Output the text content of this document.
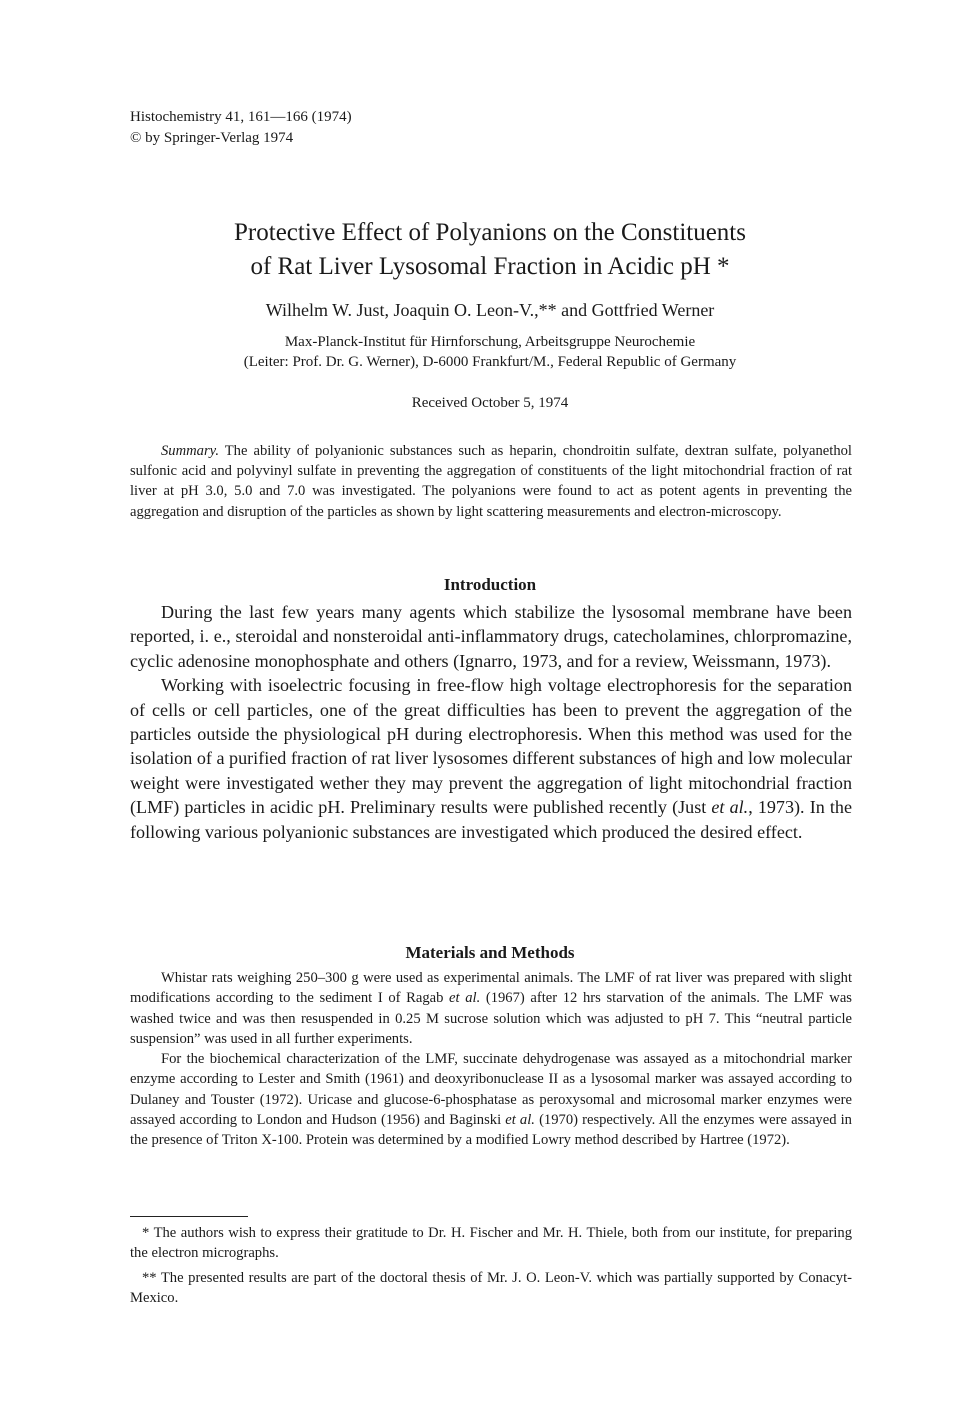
Histochemistry 41, 161—166 (1974)
© by Springer-Verlag 1974
Protective Effect of Polyanions on the Constituents
of Rat Liver Lysosomal Fraction in Acidic pH *
Wilhelm W. Just, Joaquin O. Leon-V.,** and Gottfried Werner
Max-Planck-Institut für Hirnforschung, Arbeitsgruppe Neurochemie
(Leiter: Prof. Dr. G. Werner), D-6000 Frankfurt/M., Federal Republic of Germany
Received October 5, 1974
Summary. The ability of polyanionic substances such as heparin, chondroitin sulfate, dextran sulfate, polyanethol sulfonic acid and polyvinyl sulfate in preventing the aggregation of constituents of the light mitochondrial fraction of rat liver at pH 3.0, 5.0 and 7.0 was investigated. The polyanions were found to act as potent agents in preventing the aggregation and disruption of the particles as shown by light scattering measurements and electron-microscopy.
Introduction

During the last few years many agents which stabilize the lysosomal membrane have been reported, i. e., steroidal and nonsteroidal anti-inflammatory drugs, catecholamines, chlorpromazine, cyclic adenosine monophosphate and others (Ignarro, 1973, and for a review, Weissmann, 1973).

Working with isoelectric focusing in free-flow high voltage electrophoresis for the separation of cells or cell particles, one of the great difficulties has been to prevent the aggregation of the particles outside the physiological pH during electrophoresis. When this method was used for the isolation of a purified fraction of rat liver lysosomes different substances of high and low molecular weight were investigated wether they may prevent the aggregation of light mitochondrial fraction (LMF) particles in acidic pH. Preliminary results were published recently (Just et al., 1973). In the following various polyanionic substances are investigated which produced the desired effect.

Materials and Methods

Whistar rats weighing 250–300 g were used as experimental animals. The LMF of rat liver was prepared with slight modifications according to the sediment I of Ragab et al. (1967) after 12 hrs starvation of the animals. The LMF was washed twice and was then resuspended in 0.25 M sucrose solution which was adjusted to pH 7. This “neutral particle suspension” was used in all further experiments.

For the biochemical characterization of the LMF, succinate dehydrogenase was assayed as a mitochondrial marker enzyme according to Lester and Smith (1961) and deoxyribonuclease II as a lysosomal marker was assayed according to Dulaney and Touster (1972). Uricase and glucose-6-phosphatase as peroxysomal and microsomal marker enzymes were assayed according to London and Hudson (1956) and Baginski et al. (1970) respectively. All the enzymes were assayed in the presence of Triton X-100. Protein was determined by a modified Lowry method described by Hartree (1972).

* The authors wish to express their gratitude to Dr. H. Fischer and Mr. H. Thiele, both from our institute, for preparing the electron micrographs.

** The presented results are part of the doctoral thesis of Mr. J. O. Leon-V. which was partially supported by Conacyt-Mexico.
